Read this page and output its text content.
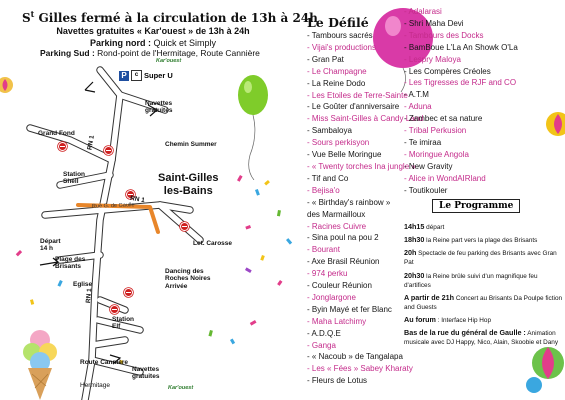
$S^t$ Gilles fermé à la circulation de 13h à 24h
Navettes gratuites « Kar'ouest » de 13h à 24h
Parking nord : Quick et Simply
Parking Sud : Rond-point de l'Hermitage, Route Cannière
P	c Super U
Kar'ouest
Navettes
gratuites
Chemin Summer
Grand Fond
Station
Shell	Saint-Gilles
les-Bains
RN 1
RN 1
RN 1
Rue G. de Gaulle
Let. Carosse
Départ
14 h
Plage des
Brisants
Eglise
Station
Elf
Dancing des
Roches Noires
Arrivée
Route Cannière
Hermitage
Navettes
gratuites
Kar'ouest
Le Défilé
- Tambours sacrés
- Vijai's productions
- Gran Pat
- Le Champagne
- La Reine Dodo
- Les Etoiles de Terre-Sainte
- Le Goûter d'anniversaire
- Miss Saint-Gilles à Candy Land
- Sambaloya
- Sours perkisyon
- Vue Belle Moringue
- « Twenty torches Ina jungle »
- Tif and Co
- Bejisa'o
- « Birthday's rainbow »
des Marmailloux
- Racines Cuivre
- Sina poul na pou 2
- Bourant
- Axe Brasil Réunion
- 974 perku
- Couleur Réunion
- Jonglargone
- Byin Mayé et fer Blanc
- Maha Latchimy
- A.D.Q.E
- Ganga
- « Nacoub » de Tangalapa
- Les « Fées » Sabey Kharaty
- Fleurs de Lotus
- Adalarasi
- Shri Maha Devi
- Tambours des Docks
- BamBoue L'La An Showk O'La
- Lespry Maloya
- Les Compères Créoles
- Les Tigresses de RJF and CO
- A.T.M
- Aduna
- Zambec et sa nature
- Tribal Perkusion
- Te imiraa
- Moringue Angola
- New Gravity
- Alice in WondAIRland
- Toutikouler
Le Programme
14h15 départ
18h30 la Reine part vers la plage des Brisants
20h Spectacle de feu parking des Brisants avec Gran Pat
20h30 la Reine brûle suivi d'un magnifique feu d'artifices
A partir de 21h Concert au Brisants Da Poulpe fiction and Guests
Au forum : Interface Hip Hop
Bas de la rue du général de Gaulle : Animation musicale avec DJ Happy, Nico, Alain, Skoobie et Dany
